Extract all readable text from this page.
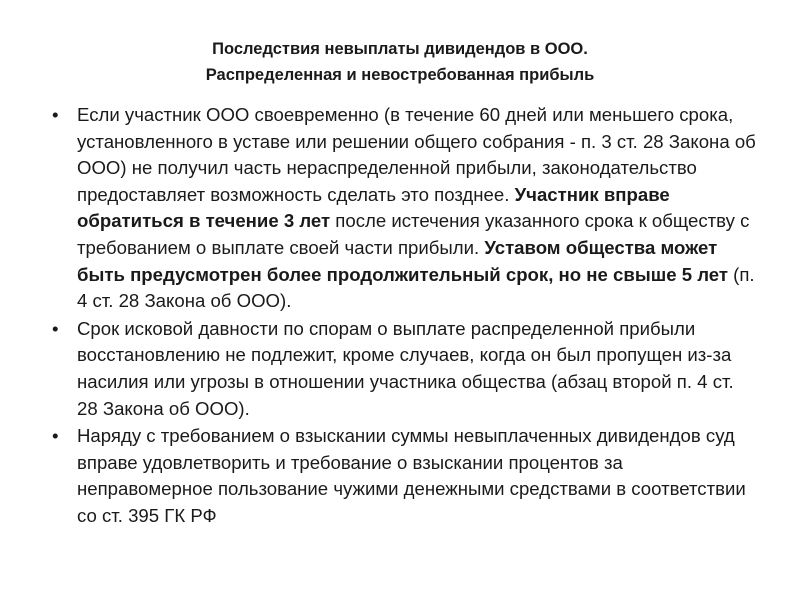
Последствия невыплаты дивидендов в ООО.
Распределенная и невостребованная прибыль
• Если участник ООО своевременно (в течение 60 дней или меньшего срока, установленного в уставе или решении общего собрания - п. 3 ст. 28 Закона об ООО) не получил часть нераспределенной прибыли, законодательство предоставляет возможность сделать это позднее. Участник вправе обратиться в течение 3 лет после истечения указанного срока к обществу с требованием о выплате своей части прибыли. Уставом общества может быть предусмотрен более продолжительный срок, но не свыше 5 лет (п. 4 ст. 28 Закона об ООО).
• Срок исковой давности по спорам о выплате распределенной прибыли восстановлению не подлежит, кроме случаев, когда он был пропущен из-за насилия или угрозы в отношении участника общества (абзац второй п. 4 ст. 28 Закона об ООО).
• Наряду с требованием о взыскании суммы невыплаченных дивидендов суд вправе удовлетворить и требование о взыскании процентов за неправомерное пользование чужими денежными средствами в соответствии со ст. 395 ГК РФ
